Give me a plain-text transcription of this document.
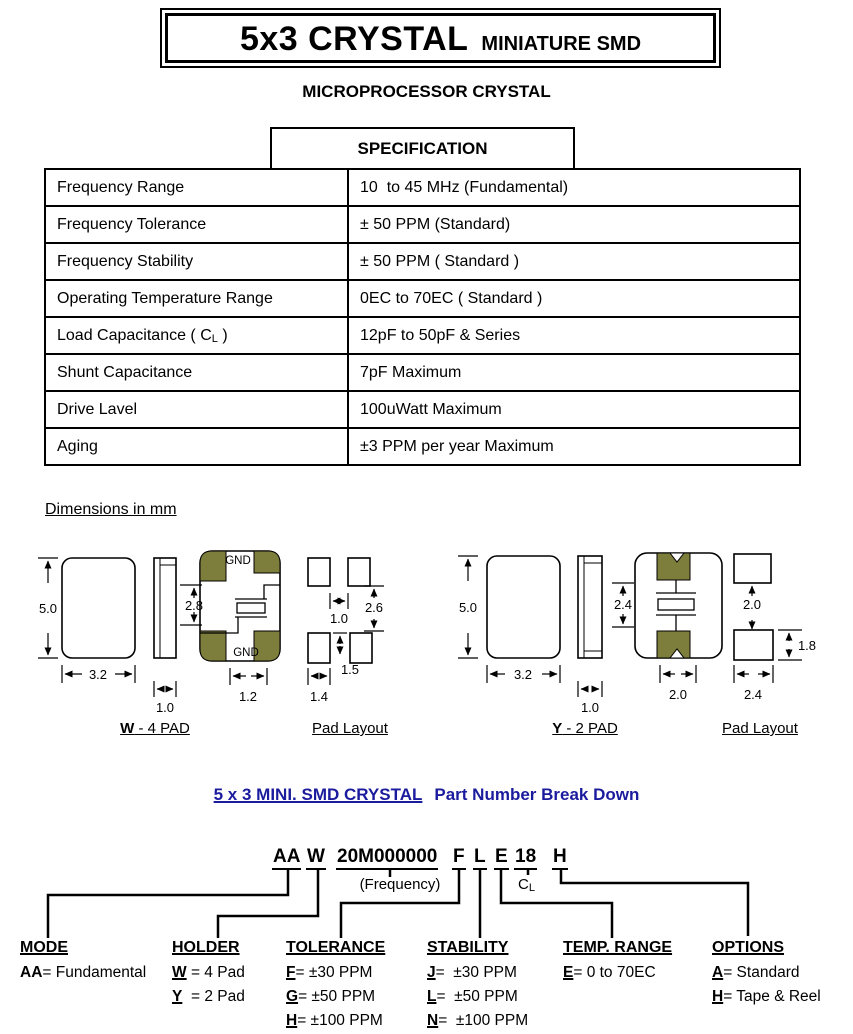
5x3 CRYSTAL MINIATURE SMD
MICROPROCESSOR CRYSTAL
SPECIFICATION
Frequency Range	10  to 45 MHz (Fundamental)
Frequency Tolerance	± 50 PPM (Standard)
Frequency Stability	± 50 PPM ( Standard )
Operating Temperature Range	0EC to 70EC ( Standard )
Load Capacitance ( CL )	12pF to 50pF & Series
Shunt Capacitance	7pF Maximum
Drive Lavel	100uWatt Maximum
Aging	±3 PPM per year Maximum
Dimensions in mm
GND
GND
5.0
3.2
1.0
2.8
1.2
1.0
2.6
1.5
1.4
5.0
3.2
1.0
2.4
2.0
2.0
1.8
2.4
W - 4 PAD	Pad Layout	Y - 2 PAD	Pad Layout
5 x 3 MINI. SMD CRYSTAL Part Number Break Down
AA W 20M000000 F L E 18 H
(Frequency)	CL
MODE
AA= Fundamental
HOLDER
W = 4 Pad
Y  = 2 Pad
TOLERANCE
F= ±30 PPM
G= ±50 PPM
H= ±100 PPM
STABILITY
J=  ±30 PPM
L=  ±50 PPM
N=  ±100 PPM
TEMP. RANGE
E= 0 to 70EC
OPTIONS
A= Standard
H= Tape & Reel
